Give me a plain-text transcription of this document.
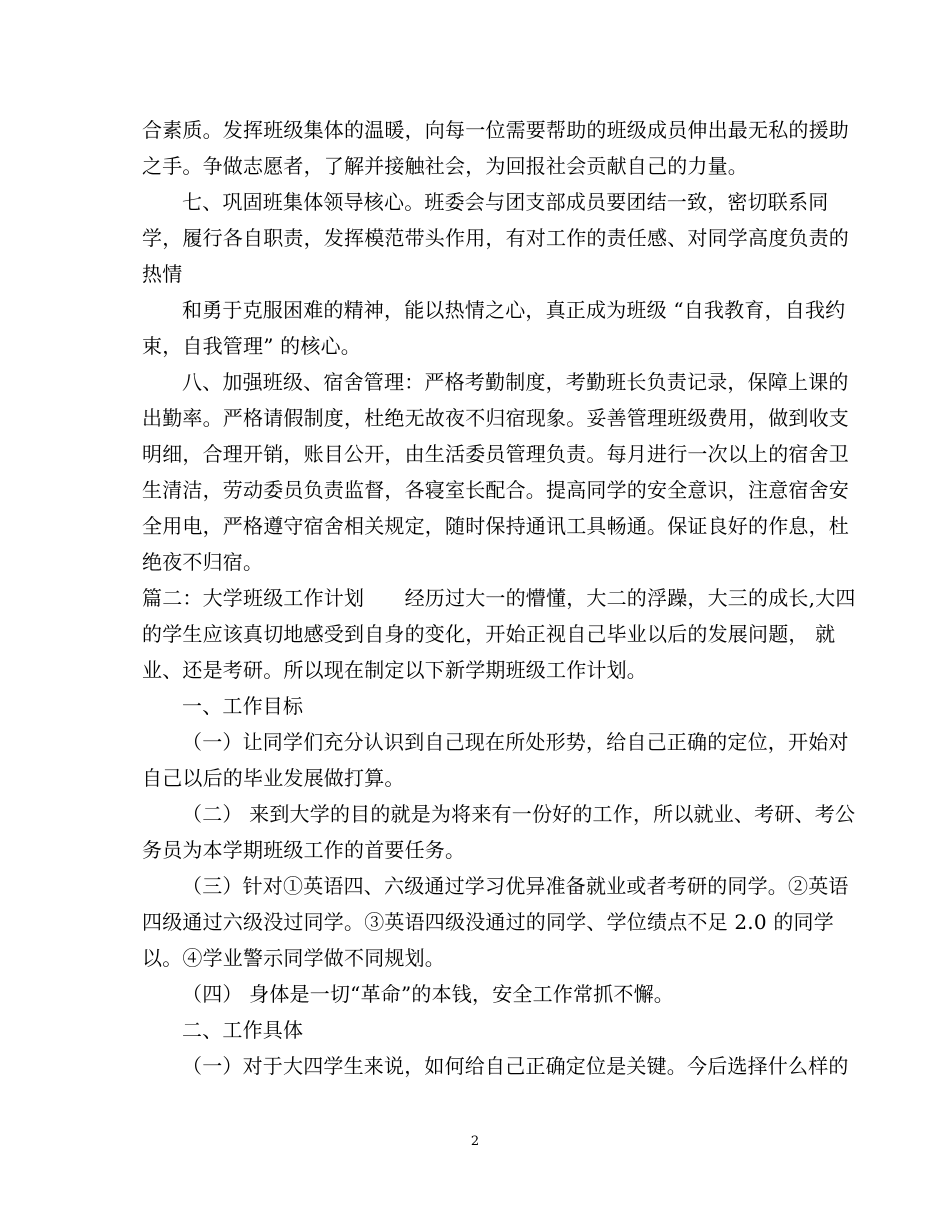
合素质。发挥班级集体的温暖，向每一位需要帮助的班级成员伸出最无私的援助
之手。争做志愿者，了解并接触社会，为回报社会贡献自己的力量。
七、巩固班集体领导核心。班委会与团支部成员要团结一致，密切联系同
学，履行各自职责，发挥模范带头作用，有对工作的责任感、对同学高度负责的
热情
和勇于克服困难的精神，能以热情之心，真正成为班级 “自我教育，自我约
束，自我管理” 的核心。
八、加强班级、宿舍管理：严格考勤制度，考勤班长负责记录，保障上课的
出勤率。严格请假制度，杜绝无故夜不归宿现象。妥善管理班级费用，做到收支
明细，合理开销，账目公开，由生活委员管理负责。每月进行一次以上的宿舍卫
生清洁，劳动委员负责监督，各寝室长配合。提高同学的安全意识，注意宿舍安
全用电，严格遵守宿舍相关规定，随时保持通讯工具畅通。保证良好的作息，杜
绝夜不归宿。
篇二：大学班级工作计划　　经历过大一的懵懂，大二的浮躁，大三的成长,大四
的学生应该真切地感受到自身的变化，开始正视自己毕业以后的发展问题， 就
业、还是考研。所以现在制定以下新学期班级工作计划。
一、工作目标
（一）让同学们充分认识到自己现在所处形势，给自己正确的定位，开始对
自己以后的毕业发展做打算。
（二） 来到大学的目的就是为将来有一份好的工作，所以就业、考研、考公
务员为本学期班级工作的首要任务。
（三）针对①英语四、六级通过学习优异准备就业或者考研的同学。②英语
四级通过六级没过同学。③英语四级没通过的同学、学位绩点不足 2.0 的同学
以。④学业警示同学做不同规划。
（四） 身体是一切“革命”的本钱，安全工作常抓不懈。
二、工作具体
（一）对于大四学生来说，如何给自己正确定位是关键。今后选择什么样的
2
